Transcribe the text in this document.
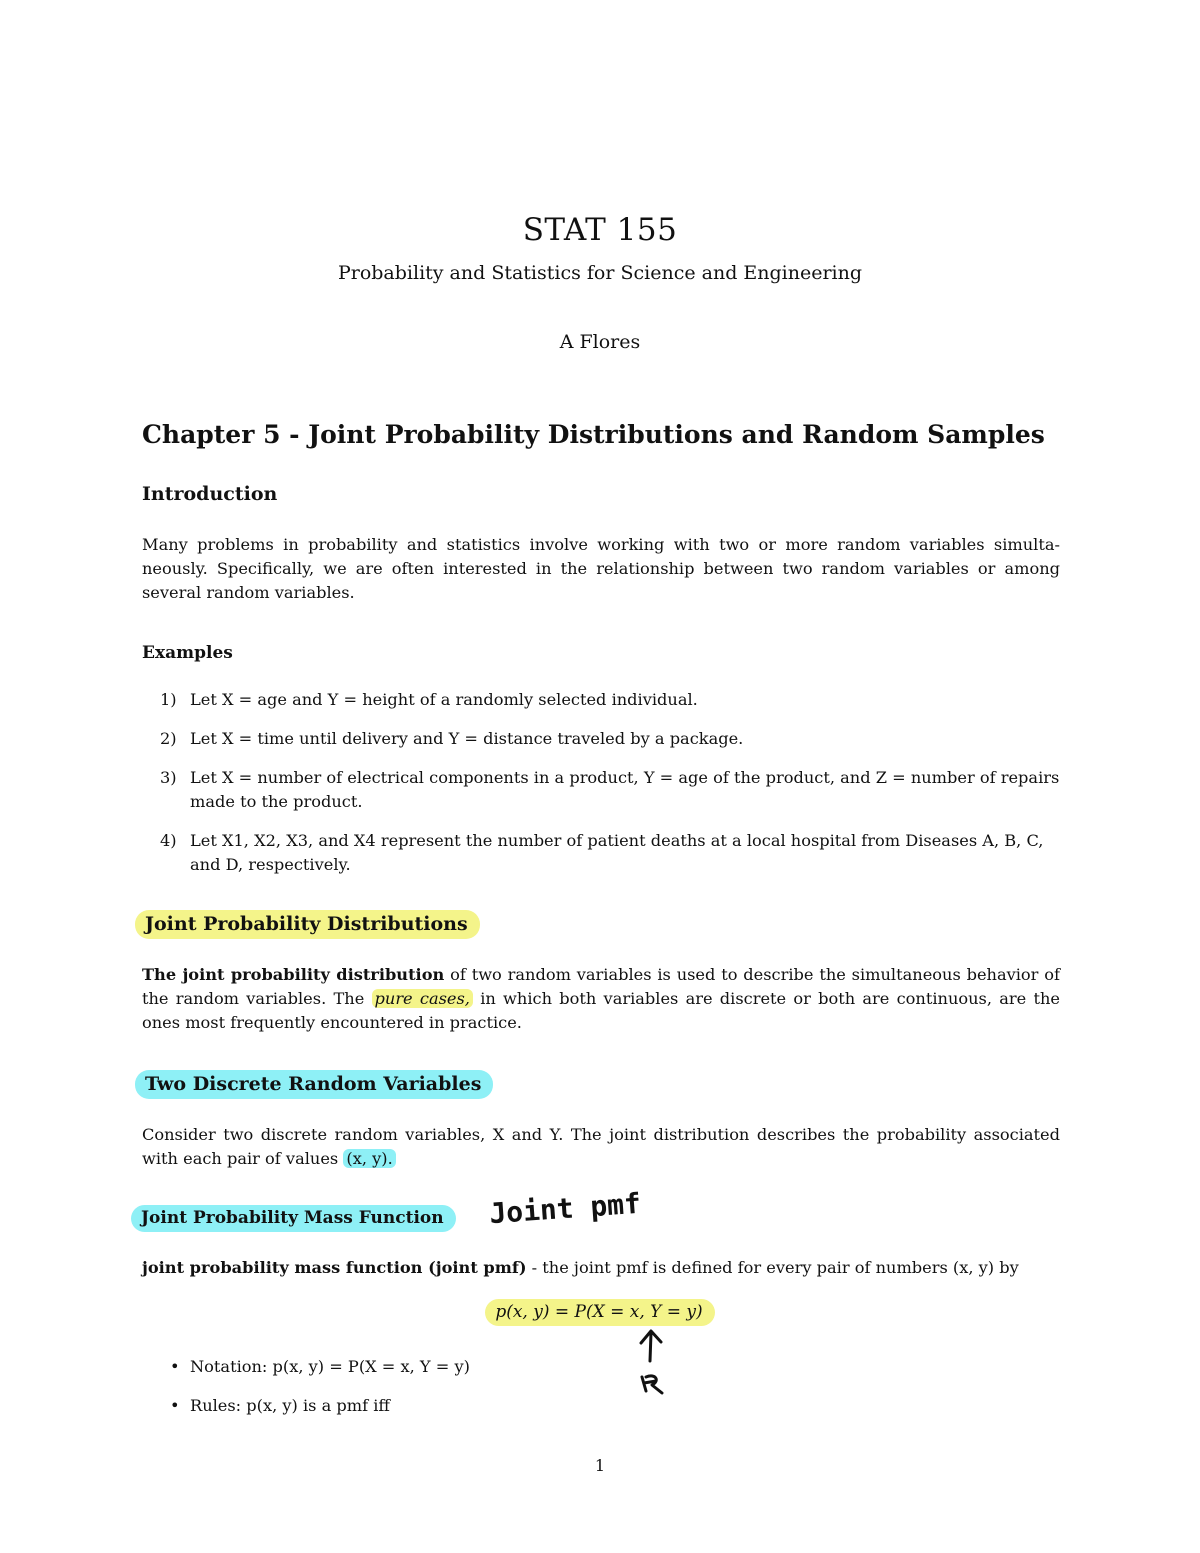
STAT 155
Probability and Statistics for Science and Engineering
A Flores
Chapter 5 - Joint Probability Distributions and Random Samples
Introduction
Many problems in probability and statistics involve working with two or more random variables simulta-neously. Specifically, we are often interested in the relationship between two random variables or among several random variables.
Examples
1) Let X = age and Y = height of a randomly selected individual.
2) Let X = time until delivery and Y = distance traveled by a package.
3) Let X = number of electrical components in a product, Y = age of the product, and Z = number of repairs made to the product.
4) Let X1, X2, X3, and X4 represent the number of patient deaths at a local hospital from Diseases A, B, C, and D, respectively.
Joint Probability Distributions
The joint probability distribution of two random variables is used to describe the simultaneous behavior of the random variables. The pure cases, in which both variables are discrete or both are continuous, are the ones most frequently encountered in practice.
Two Discrete Random Variables
Consider two discrete random variables, X and Y. The joint distribution describes the probability associated with each pair of values (x, y).
Joint Probability Mass Function	Joint pmf
joint probability mass function (joint pmf) - the joint pmf is defined for every pair of numbers (x, y) by
p(x, y) = P(X = x, Y = y)
• Notation: p(x, y) = P(X = x, Y = y)
• Rules: p(x, y) is a pmf iff
1
